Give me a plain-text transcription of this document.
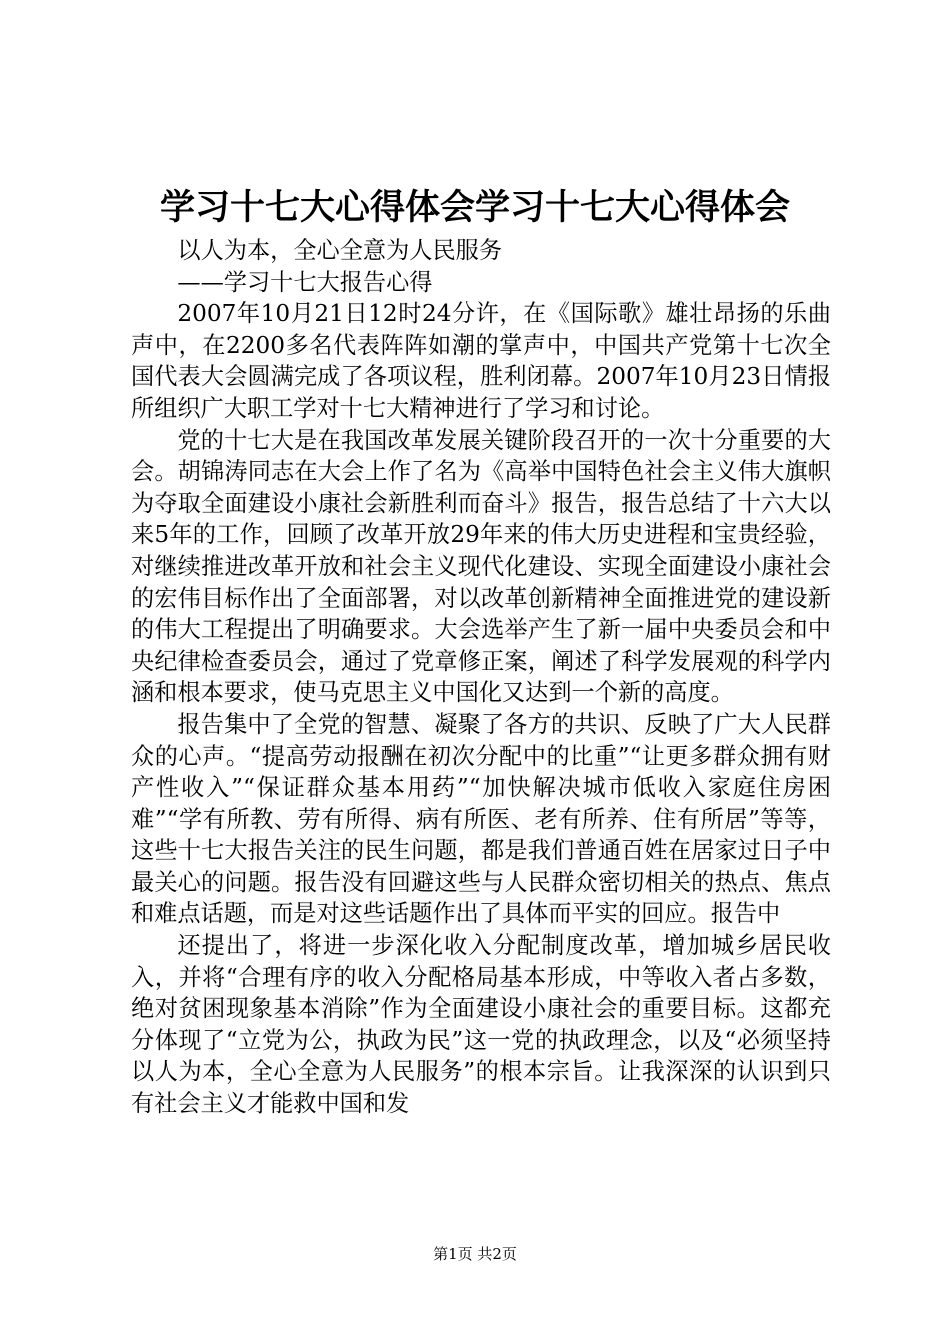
学习十七大心得体会学习十七大心得体会

以人为本，全心全意为人民服务

——学习十七大报告心得

2007年10月21日12时24分许，在《国际歌》雄壮昂扬的乐曲声中，在2200多名代表阵阵如潮的掌声中，中国共产党第十七次全国代表大会圆满完成了各项议程，胜利闭幕。2007年10月23日情报所组织广大职工学对十七大精神进行了学习和讨论。

党的十七大是在我国改革发展关键阶段召开的一次十分重要的大会。胡锦涛同志在大会上作了名为《高举中国特色社会主义伟大旗帜为夺取全面建设小康社会新胜利而奋斗》报告，报告总结了十六大以来5年的工作，回顾了改革开放29年来的伟大历史进程和宝贵经验，对继续推进改革开放和社会主义现代化建设、实现全面建设小康社会的宏伟目标作出了全面部署，对以改革创新精神全面推进党的建设新的伟大工程提出了明确要求。大会选举产生了新一届中央委员会和中央纪律检查委员会，通过了党章修正案，阐述了科学发展观的科学内涵和根本要求，使马克思主义中国化又达到一个新的高度。

报告集中了全党的智慧、凝聚了各方的共识、反映了广大人民群众的心声。“提高劳动报酬在初次分配中的比重”“让更多群众拥有财产性收入”“保证群众基本用药”“加快解决城市低收入家庭住房困难”“学有所教、劳有所得、病有所医、老有所养、住有所居”等等，这些十七大报告关注的民生问题，都是我们普通百姓在居家过日子中最关心的问题。报告没有回避这些与人民群众密切相关的热点、焦点和难点话题，而是对这些话题作出了具体而平实的回应。报告中

还提出了，将进一步深化收入分配制度改革，增加城乡居民收入，并将“合理有序的收入分配格局基本形成，中等收入者占多数，绝对贫困现象基本消除”作为全面建设小康社会的重要目标。这都充分体现了“立党为公，执政为民”这一党的执政理念，以及“必须坚持以人为本，全心全意为人民服务”的根本宗旨。让我深深的认识到只有社会主义才能救中国和发

第1页 共2页
